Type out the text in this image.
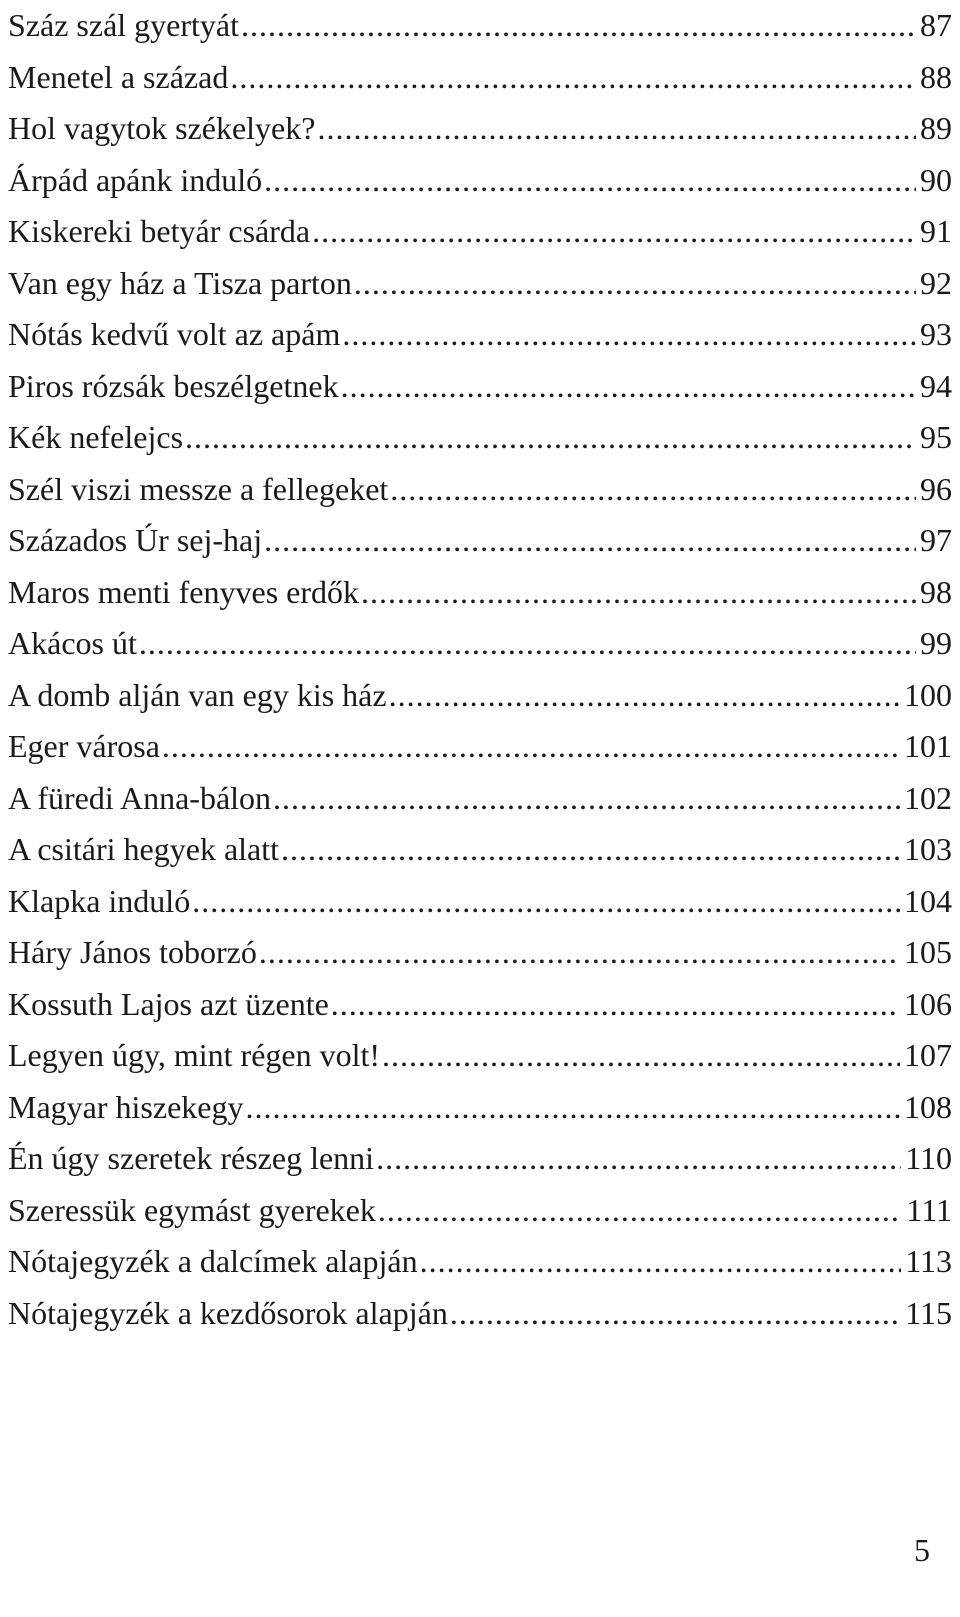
Száz szál gyertyát .....	87
Menetel a század .....	88
Hol vagytok székelyek? .....	89
Árpád apánk induló .....	90
Kiskereki betyár csárda .....	91
Van egy ház a Tisza parton .....	92
Nótás kedvű volt az apám .....	93
Piros rózsák beszélgetnek .....	94
Kék nefelejcs .....	95
Szél viszi messze a fellegeket .....	96
Százados Úr sej-haj .....	97
Maros menti fenyves erdők .....	98
Akácos út .....	99
A domb alján van egy kis ház .....	100
Eger városa .....	101
A füredi Anna-bálon .....	102
A csitári hegyek alatt .....	103
Klapka induló .....	104
Háry János toborzó .....	105
Kossuth Lajos azt üzente .....	106
Legyen úgy, mint régen volt! .....	107
Magyar hiszekegy .....	108
Én úgy szeretek részeg lenni .....	110
Szeressük egymást gyerekek .....	111
Nótajegyzék a dalcímek alapján .....	113
Nótajegyzék a kezdősorok alapján .....	115
5
